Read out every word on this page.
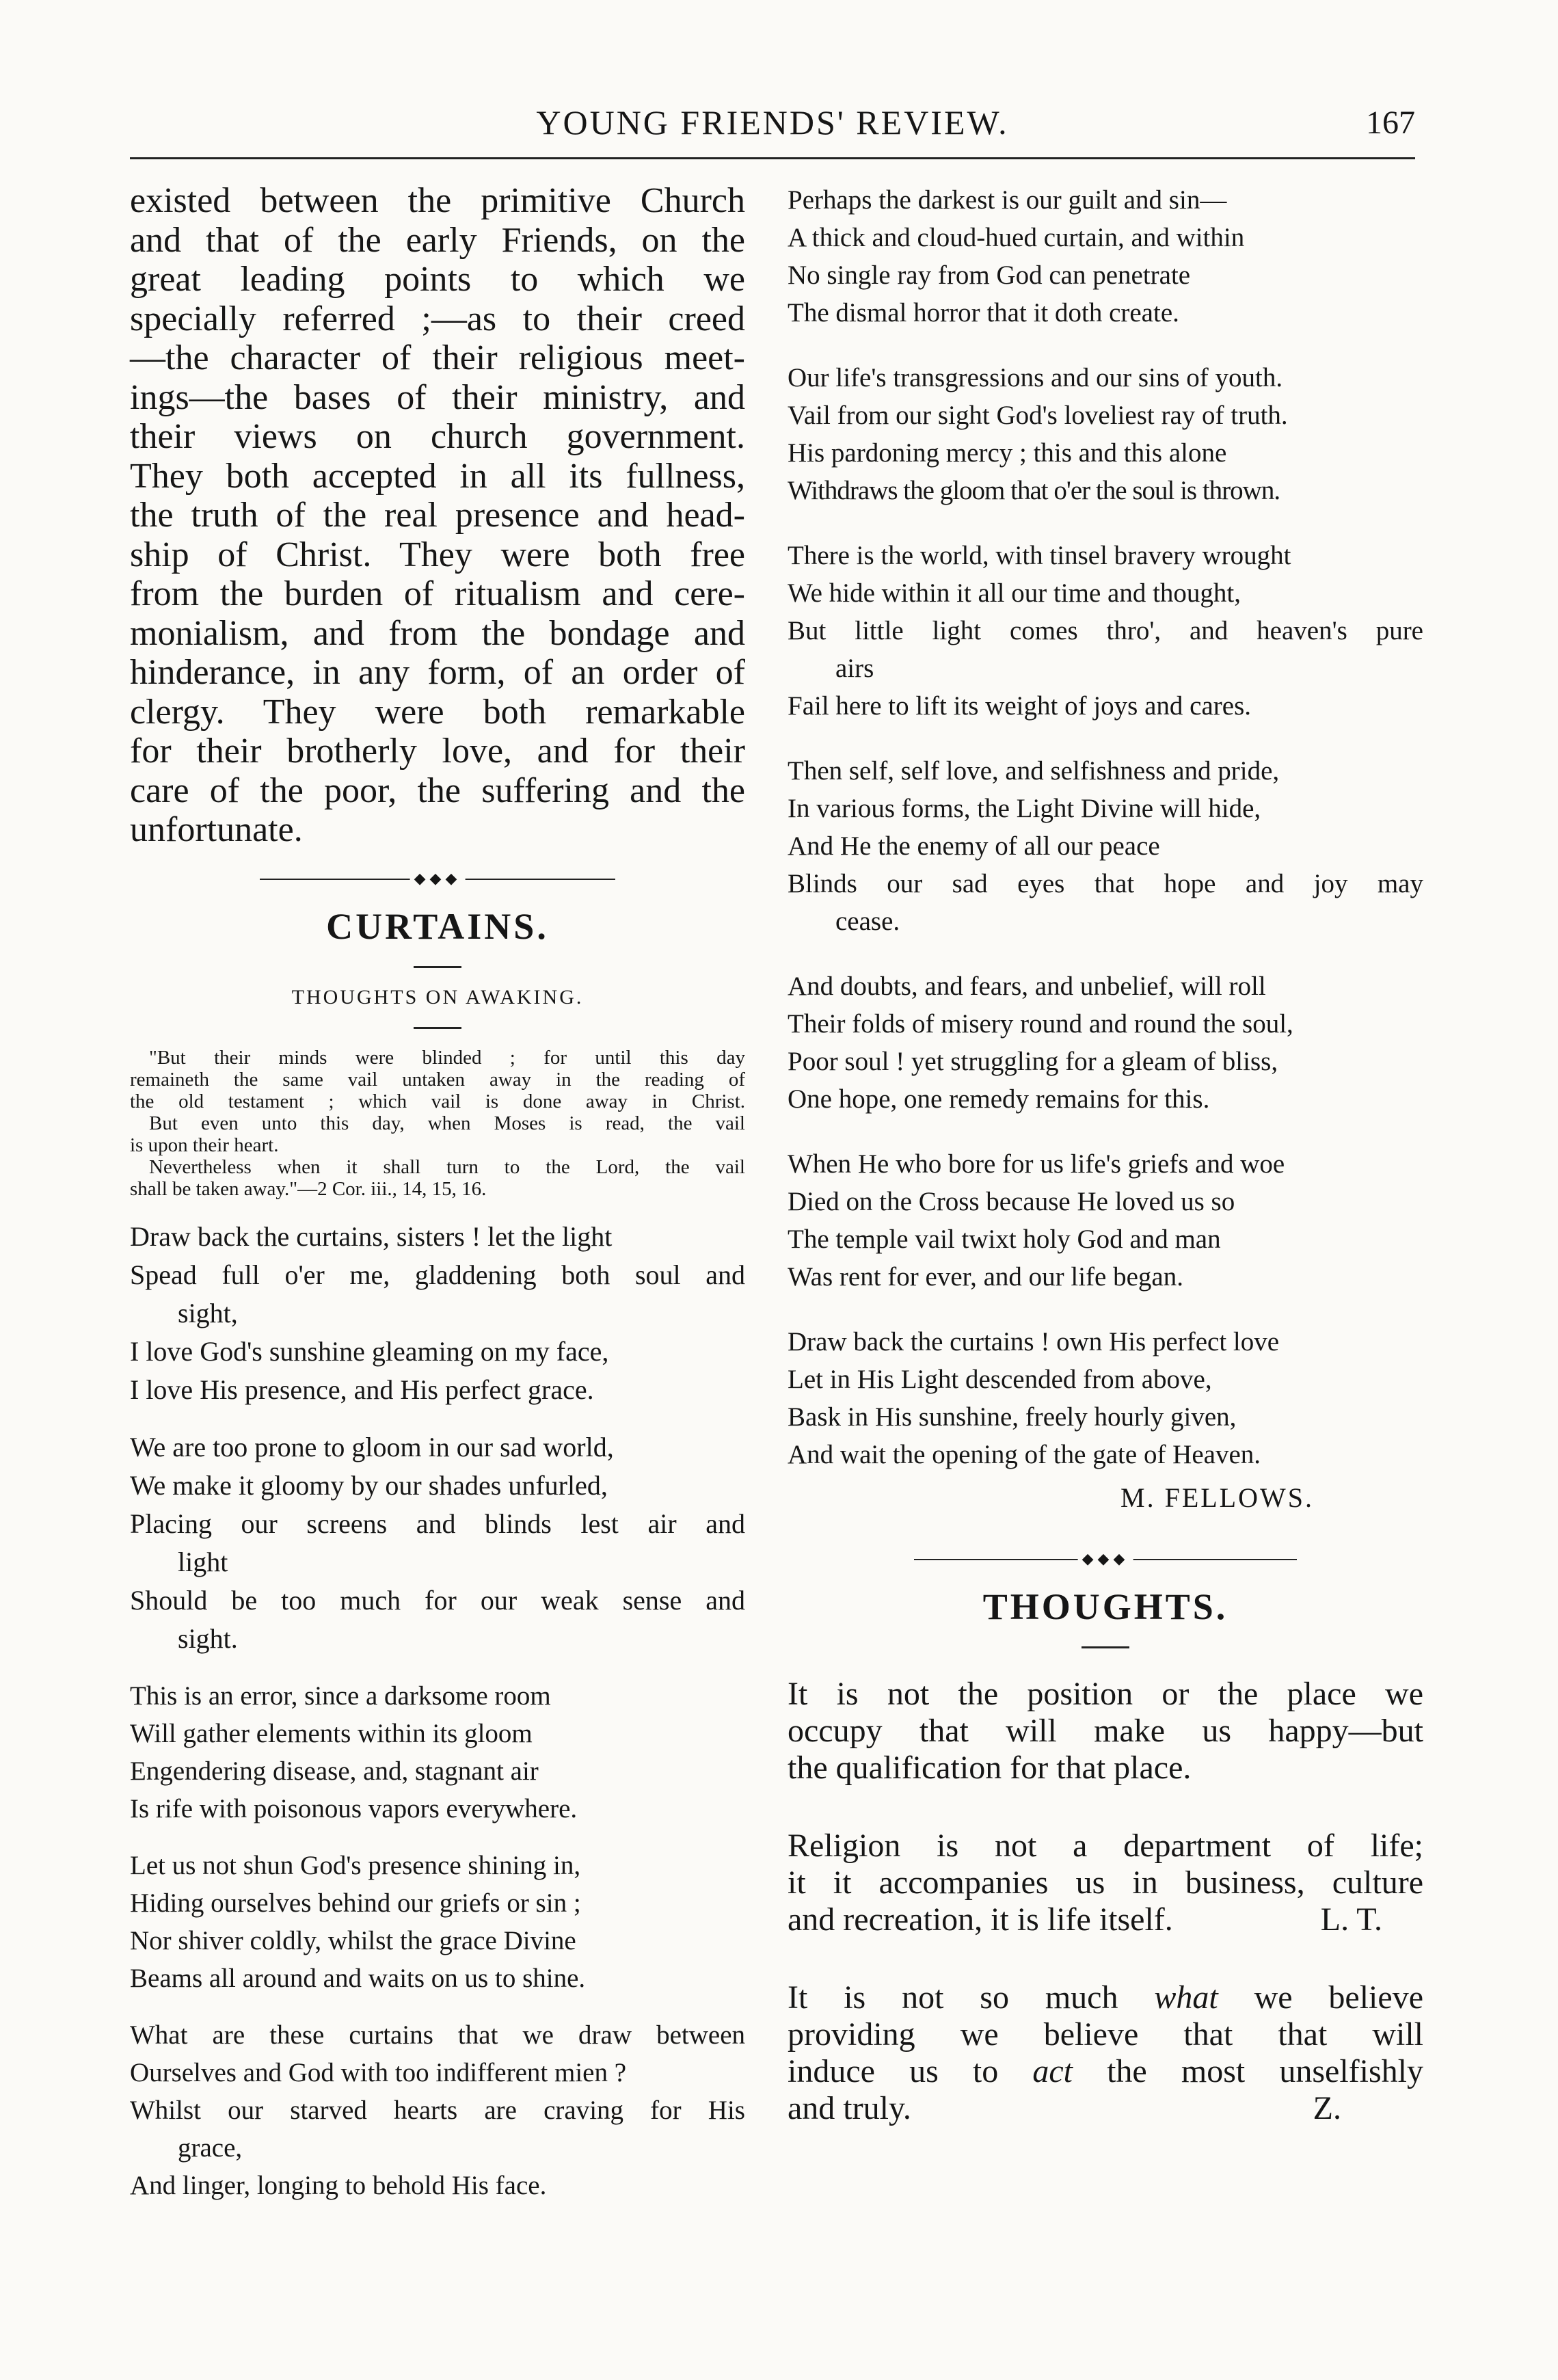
YOUNG FRIENDS' REVIEW.	167

existed between the primitive Church
and that of the early Friends, on the
great leading points to which we
specially referred ;—as to their creed
—the character of their religious meet-
ings—the bases of their ministry, and
their views on church government.
They both accepted in all its fullness,
the truth of the real presence and head-
ship of Christ. They were both free
from the burden of ritualism and cere-
monialism, and from the bondage and
hinderance, in any form, of an order of
clergy. They were both remarkable
for their brotherly love, and for their
care of the poor, the suffering and the
unfortunate.

◆◆◆
CURTAINS.

THOUGHTS ON AWAKING.

"But their minds were blinded ; for until this day
remaineth the same vail untaken away in the reading of
the old testament ; which vail is done away in Christ.
But even unto this day, when Moses is read, the vail
is upon their heart.
Nevertheless when it shall turn to the Lord, the vail
shall be taken away."—2 Cor. iii., 14, 15, 16.

Draw back the curtains, sisters ! let the light
Spead full o'er me, gladdening both soul and
sight,
I love God's sunshine gleaming on my face,
I love His presence, and His perfect grace.
We are too prone to gloom in our sad world,
We make it gloomy by our shades unfurled,
Placing our screens and blinds lest air and
light
Should be too much for our weak sense and
sight.
This is an error, since a darksome room
Will gather elements within its gloom
Engendering disease, and, stagnant air
Is rife with poisonous vapors everywhere.
Let us not shun God's presence shining in,
Hiding ourselves behind our griefs or sin ;
Nor shiver coldly, whilst the grace Divine
Beams all around and waits on us to shine.
What are these curtains that we draw between
Ourselves and God with too indifferent mien ?
Whilst our starved hearts are craving for His
grace,
And linger, longing to behold His face.
Perhaps the darkest is our guilt and sin—
A thick and cloud-hued curtain, and within
No single ray from God can penetrate
The dismal horror that it doth create.
Our life's transgressions and our sins of youth.
Vail from our sight God's loveliest ray of truth.
His pardoning mercy ; this and this alone
Withdraws the gloom that o'er the soul is thrown.
There is the world, with tinsel bravery wrought
We hide within it all our time and thought,
But little light comes thro', and heaven's pure
airs
Fail here to lift its weight of joys and cares.
Then self, self love, and selfishness and pride,
In various forms, the Light Divine will hide,
And He the enemy of all our peace
Blinds our sad eyes that hope and joy may
cease.
And doubts, and fears, and unbelief, will roll
Their folds of misery round and round the soul,
Poor soul ! yet struggling for a gleam of bliss,
One hope, one remedy remains for this.
When He who bore for us life's griefs and woe
Died on the Cross because He loved us so
The temple vail twixt holy God and man
Was rent for ever, and our life began.
Draw back the curtains ! own His perfect love
Let in His Light descended from above,
Bask in His sunshine, freely hourly given,
And wait the opening of the gate of Heaven.

M. FELLOWS.

◆◆◆
THOUGHTS.

It is not the position or the place we
occupy that will make us happy—but
the qualification for that place.

Religion is not a department of life;
it it accompanies us in business, culture
and recreation, it is life itself.	L. T.

It is not so much what we believe
providing we believe that that will
induce us to act the most unselfishly
and truly.	Z.
